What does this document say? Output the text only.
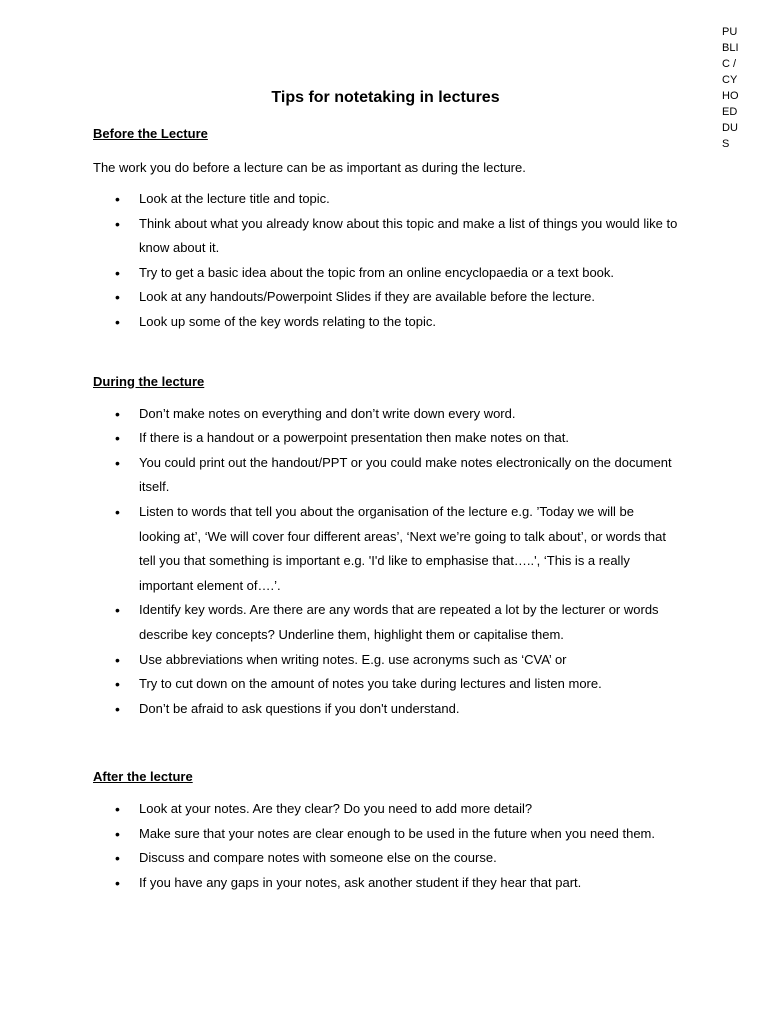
PU
BLI
C /
CY
HO
ED
DU
S
Tips for notetaking in lectures
Before the Lecture

The work you do before a lecture can be as important as during the lecture.

• Look at the lecture title and topic.
• Think about what you already know about this topic and make a list of things you would like to know about it.
• Try to get a basic idea about the topic from an online encyclopaedia or a text book.
• Look at any handouts/Powerpoint Slides if they are available before the lecture.
• Look up some of the key words relating to the topic.
During the lecture
• Don’t make notes on everything and don’t write down every word.
• If there is a handout or a powerpoint presentation then make notes on that.
• You could print out the handout/PPT or you could make notes electronically on the document itself.
• Listen to words that tell you about the organisation of the lecture e.g. ’Today we will be looking at’, ‘We will cover four different areas’, ‘Next we’re going to talk about’, or words that tell you that something is important e.g. 'I'd like to emphasise that…..', ‘This is a really important element of….’.
• Identify key words. Are there are any words that are repeated a lot by the lecturer or words describe key concepts? Underline them, highlight them or capitalise them.
• Use abbreviations when writing notes. E.g. use acronyms such as ‘CVA’ or
• Try to cut down on the amount of notes you take during lectures and listen more.
• Don’t be afraid to ask questions if you don't understand.
After the lecture
• Look at your notes. Are they clear? Do you need to add more detail?
• Make sure that your notes are clear enough to be used in the future when you need them.
• Discuss and compare notes with someone else on the course.
• If you have any gaps in your notes, ask another student if they hear that part.
